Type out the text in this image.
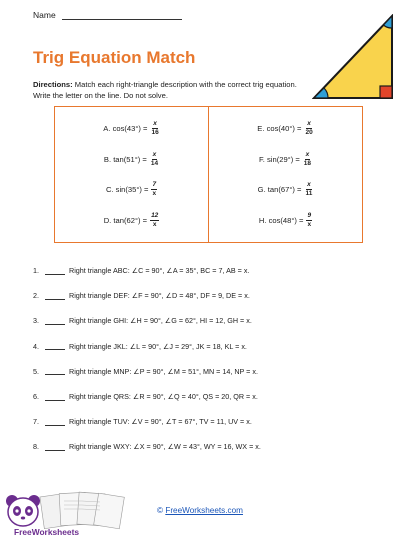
Name
Trig Equation Match
Directions: Match each right-triangle description with the correct trig equation. Write the letter on the line. Do not solve.
A. $\cos(43^\circ) = \frac{x}{16}$
B. $\tan(51^\circ) = \frac{x}{14}$
C. $\sin(35^\circ) = \frac{7}{x}$
D. $\tan(62^\circ) = \frac{12}{x}$
E. $\cos(40^\circ) = \frac{x}{20}$
F. $\sin(29^\circ) = \frac{x}{18}$
G. $\tan(67^\circ) = \frac{x}{11}$
H. $\cos(48^\circ) = \frac{9}{x}$
1.	Right triangle ABC: ∠C = 90°, ∠A = 35°, BC = 7, AB = x.
2.	Right triangle DEF: ∠F = 90°, ∠D = 48°, DF = 9, DE = x.
3.	Right triangle GHI: ∠H = 90°, ∠G = 62°, HI = 12, GH = x.
4.	Right triangle JKL: ∠L = 90°, ∠J = 29°, JK = 18, KL = x.
5.	Right triangle MNP: ∠P = 90°, ∠M = 51°, MN = 14, NP = x.
6.	Right triangle QRS: ∠R = 90°, ∠Q = 40°, QS = 20, QR = x.
7.	Right triangle TUV: ∠V = 90°, ∠T = 67°, TV = 11, UV = x.
8.	Right triangle WXY: ∠X = 90°, ∠W = 43°, WY = 16, WX = x.
FreeWorksheets
© FreeWorksheets.com
